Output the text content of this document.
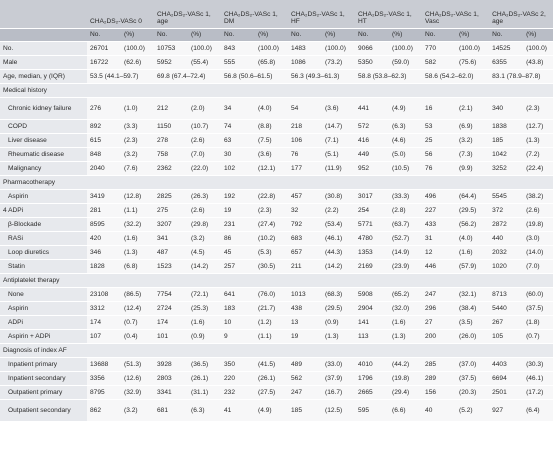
	CHA₂DS₂-VASc 0		CHA₂DS₂-VASc 1, age		CHA₂DS₂-VASc 1, DM		CHA₂DS₂-VASc 1, HF		CHA₂DS₂-VASc 1, HT		CHA₂DS₂-VASc 1, Vasc		CHA₂DS₂-VASc 2, age	
	No.	(%)	No.	(%)	No.	(%)	No.	(%)	No.	(%)	No.	(%)	No.	(%)
No.	26701	(100.0)	10753	(100.0)	843	(100.0)	1483	(100.0)	9066	(100.0)	770	(100.0)	14525	(100.0)
Male	16722	(62.6)	5952	(55.4)	555	(65.8)	1086	(73.2)	5350	(59.0)	582	(75.6)	6355	(43.8)
Age, median, y (IQR)	53.5 (44.1–59.7)		69.8 (67.4–72.4)		56.8 (50.6–61.5)		56.3 (49.3–61.3)		58.8 (53.8–62.3)		58.6 (54.2–62.0)		83.1 (78.9–87.8)	
Medical history														
Chronic kidney failure	276	(1.0)	212	(2.0)	34	(4.0)	54	(3.6)	441	(4.9)	16	(2.1)	340	(2.3)
COPD	892	(3.3)	1150	(10.7)	74	(8.8)	218	(14.7)	572	(6.3)	53	(6.9)	1838	(12.7)
Liver disease	615	(2.3)	278	(2.6)	63	(7.5)	106	(7.1)	416	(4.6)	25	(3.2)	185	(1.3)
Rheumatic disease	848	(3.2)	758	(7.0)	30	(3.6)	76	(5.1)	449	(5.0)	56	(7.3)	1042	(7.2)
Malignancy	2040	(7.6)	2362	(22.0)	102	(12.1)	177	(11.9)	952	(10.5)	76	(9.9)	3252	(22.4)
Pharmacotherapy														
Aspirin	3419	(12.8)	2825	(26.3)	192	(22.8)	457	(30.8)	3017	(33.3)	496	(64.4)	5545	(38.2)
4 ADPi	281	(1.1)	275	(2.6)	19	(2.3)	32	(2.2)	254	(2.8)	227	(29.5)	372	(2.6)
β-Blockade	8595	(32.2)	3207	(29.8)	231	(27.4)	792	(53.4)	5771	(63.7)	433	(56.2)	2872	(19.8)
RASi	420	(1.6)	341	(3.2)	86	(10.2)	683	(46.1)	4780	(52.7)	31	(4.0)	440	(3.0)
Loop diuretics	346	(1.3)	487	(4.5)	45	(5.3)	657	(44.3)	1353	(14.9)	12	(1.6)	2032	(14.0)
Statin	1828	(6.8)	1523	(14.2)	257	(30.5)	211	(14.2)	2169	(23.9)	446	(57.9)	1020	(7.0)
Antiplatelet therapy														
None	23108	(86.5)	7754	(72.1)	641	(76.0)	1013	(68.3)	5908	(65.2)	247	(32.1)	8713	(60.0)
Aspirin	3312	(12.4)	2724	(25.3)	183	(21.7)	438	(29.5)	2904	(32.0)	296	(38.4)	5440	(37.5)
ADPi	174	(0.7)	174	(1.6)	10	(1.2)	13	(0.9)	141	(1.6)	27	(3.5)	267	(1.8)
Aspirin + ADPi	107	(0.4)	101	(0.9)	9	(1.1)	19	(1.3)	113	(1.3)	200	(26.0)	105	(0.7)
Diagnosis of index AF														
Inpatient primary	13688	(51.3)	3928	(36.5)	350	(41.5)	489	(33.0)	4010	(44.2)	285	(37.0)	4403	(30.3)
Inpatient secondary	3356	(12.6)	2803	(26.1)	220	(26.1)	562	(37.9)	1796	(19.8)	289	(37.5)	6694	(46.1)
Outpatient primary	8795	(32.9)	3341	(31.1)	232	(27.5)	247	(16.7)	2665	(29.4)	156	(20.3)	2501	(17.2)
Outpatient secondary	862	(3.2)	681	(6.3)	41	(4.9)	185	(12.5)	595	(6.6)	40	(5.2)	927	(6.4)
